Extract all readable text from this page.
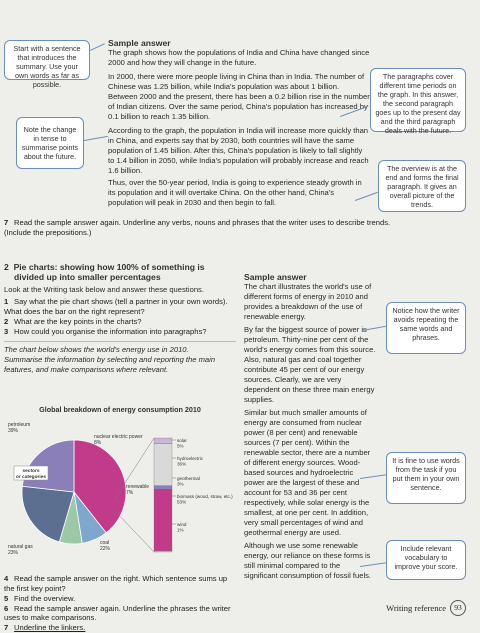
Start with a sentence that introduces the summary. Use your own words as far as possible.
Note the change in tense to summarise points about the future.
Sample answer
The graph shows how the populations of India and China have changed since 2000 and how they will change in the future.
In 2000, there were more people living in China than in India. The number of Chinese was 1.25 billion, while India's population was about 1 billion. Between 2000 and the present, there has been a 0.2 billion rise in the number of Indian citizens. Over the same period, China's population has increased by 0.1 billion to reach 1.35 billion.
According to the graph, the population in India will increase more quickly than in China, and experts say that by 2030, both countries will have the same population of 1.45 billion. After this, China's population is likely to fall slightly to 1.4 billion in 2050, while India's population will probably increase and reach 1.6 billion.
Thus, over the 50-year period, India is going to experience steady growth in its population and it will overtake China. On the other hand, China's population will peak in 2030 and then begin to fall.
The paragraphs cover different time periods on the graph. In this answer, the second paragraph goes up to the present day and the third paragraph deals with the future.
The overview is at the end and forms the final paragraph. It gives an overall picture of the trends.
7 Read the sample answer again. Underline any verbs, nouns and phrases that the writer uses to describe trends. (Include the prepositions.)
2 Pie charts: showing how 100% of something is
divided up into smaller percentages
Look at the Writing task below and answer these questions.
1 Say what the pie chart shows (tell a partner in your own words). What does the bar on the right represent?
2 What are the key points in the charts?
3 How could you organise the information into paragraphs?
The chart below shows the world's energy use in 2010.
Summarise the information by selecting and reporting the main features, and make comparisons where relevant.
Global breakdown of energy consumption 2010
petroleum
39%
nuclear electric power
8%
renewable
7%
coal
22%
natural gas
23%
sectors
or categories
solar
5%
hydroelectric
36%
geothermal
3%
biomass (wood, straw, etc.)
53%
wind
1%
4 Read the sample answer on the right. Which sentence sums up the first key point?
5 Find the overview.
6 Read the sample answer again. Underline the phrases the writer uses to make comparisons.
7 Underline the linkers.
Sample answer
The chart illustrates the world's use of different forms of energy in 2010 and provides a breakdown of the use of renewable energy.
By far the biggest source of power is petroleum. Thirty-nine per cent of the world's energy comes from this source. Also, natural gas and coal together contribute 45 per cent of our energy sources. Clearly, we are very dependent on these three main energy supplies.
Similar but much smaller amounts of energy are consumed from nuclear power (8 per cent) and renewable sources (7 per cent). Within the renewable sector, there are a number of different energy sources. Wood-based sources and hydroelectric power are the largest of these and account for 53 and 36 per cent respectively, while solar energy is the smallest, at one per cent. In addition, very small percentages of wind and geothermal energy are used.
Although we use some renewable energy, our reliance on these forms is still minimal compared to the significant consumption of fossil fuels.
Notice how the writer avoids repeating the same words and phrases.
It is fine to use words from the task if you put them in your own sentence.
Include relevant vocabulary to improve your score.
Writing reference	93
